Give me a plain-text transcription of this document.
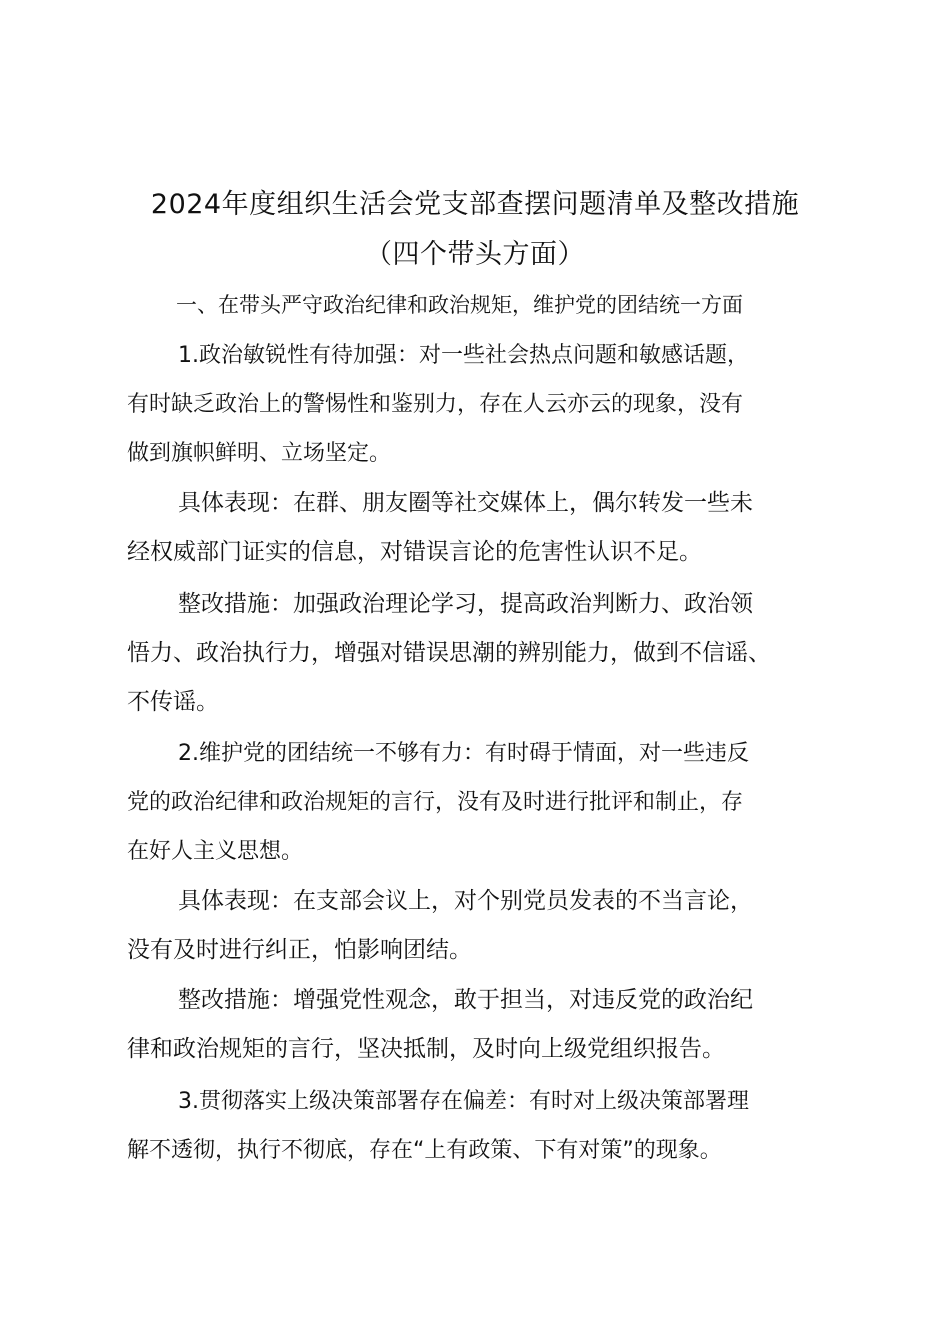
2024年度组织生活会党支部查摆问题清单及整改措施
（四个带头方面）
一、在带头严守政治纪律和政治规矩，维护党的团结统一方面
1.政治敏锐性有待加强：对一些社会热点问题和敏感话题，
有时缺乏政治上的警惕性和鉴别力，存在人云亦云的现象，没有
做到旗帜鲜明、立场坚定。
具体表现：在群、朋友圈等社交媒体上，偶尔转发一些未
经权威部门证实的信息，对错误言论的危害性认识不足。
整改措施：加强政治理论学习，提高政治判断力、政治领
悟力、政治执行力，增强对错误思潮的辨别能力，做到不信谣、
不传谣。
2.维护党的团结统一不够有力：有时碍于情面，对一些违反
党的政治纪律和政治规矩的言行，没有及时进行批评和制止，存
在好人主义思想。
具体表现：在支部会议上，对个别党员发表的不当言论，
没有及时进行纠正，怕影响团结。
整改措施：增强党性观念，敢于担当，对违反党的政治纪
律和政治规矩的言行，坚决抵制，及时向上级党组织报告。
3.贯彻落实上级决策部署存在偏差：有时对上级决策部署理
解不透彻，执行不彻底，存在“上有政策、下有对策”的现象。
